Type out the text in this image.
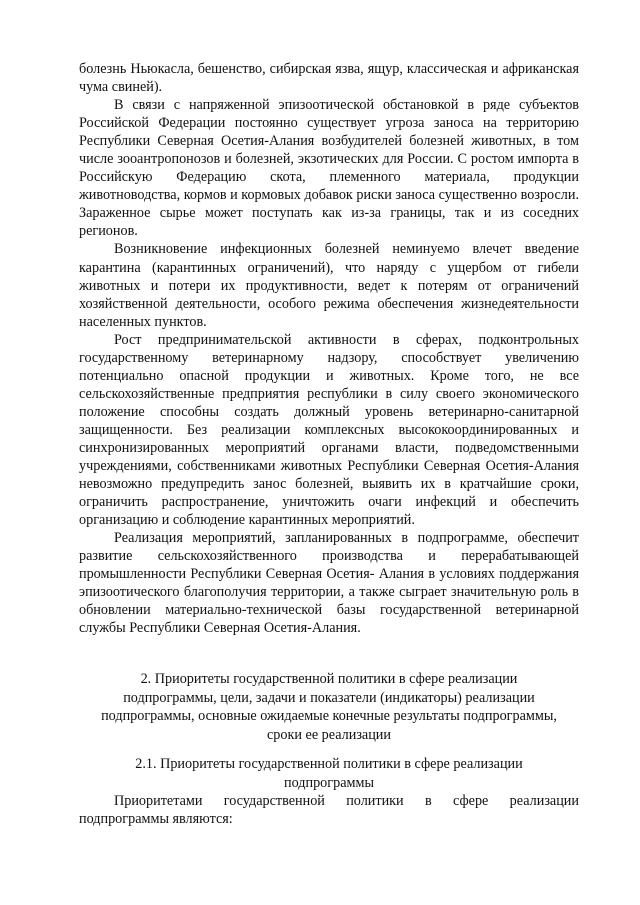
болезнь Ньюкасла, бешенство, сибирская язва, ящур, классическая и африканская чума свиней).

В связи с напряженной эпизоотической обстановкой в ряде субъектов Российской Федерации постоянно существует угроза заноса на территорию Республики Северная Осетия-Алания возбудителей болезней животных, в том числе зооантропонозов и болезней, экзотических для России. С ростом импорта в Российскую Федерацию скота, племенного материала, продукции животноводства, кормов и кормовых добавок риски заноса существенно возросли. Зараженное сырье может поступать как из-за границы, так и из соседних регионов.

Возникновение инфекционных болезней неминуемо влечет введение карантина (карантинных ограничений), что наряду с ущербом от гибели животных и потери их продуктивности, ведет к потерям от ограничений хозяйственной деятельности, особого режима обеспечения жизнедеятельности населенных пунктов.

Рост предпринимательской активности в сферах, подконтрольных государственному ветеринарному надзору, способствует увеличению потенциально опасной продукции и животных. Кроме того, не все сельскохозяйственные предприятия республики в силу своего экономического положение способны создать должный уровень ветеринарно-санитарной защищенности. Без реализации комплексных высококоординированных и синхронизированных мероприятий органами власти, подведомственными учреждениями, собственниками животных Республики Северная Осетия-Алания невозможно предупредить занос болезней, выявить их в кратчайшие сроки, ограничить распространение, уничтожить очаги инфекций и обеспечить организацию и соблюдение карантинных мероприятий.

Реализация мероприятий, запланированных в подпрограмме, обеспечит развитие сельскохозяйственного производства и перерабатывающей промышленности Республики Северная Осетия- Алания в условиях поддержания эпизоотического благополучия территории, а также сыграет значительную роль в обновлении материально-технической базы государственной ветеринарной службы Республики Северная Осетия-Алания.

2. Приоритеты государственной политики в сфере реализации
подпрограммы, цели, задачи и показатели (индикаторы) реализации
подпрограммы, основные ожидаемые конечные результаты подпрограммы,
сроки ее реализации
2.1. Приоритеты государственной политики в сфере реализации
подпрограммы

Приоритетами государственной политики в сфере реализации подпрограммы являются:
